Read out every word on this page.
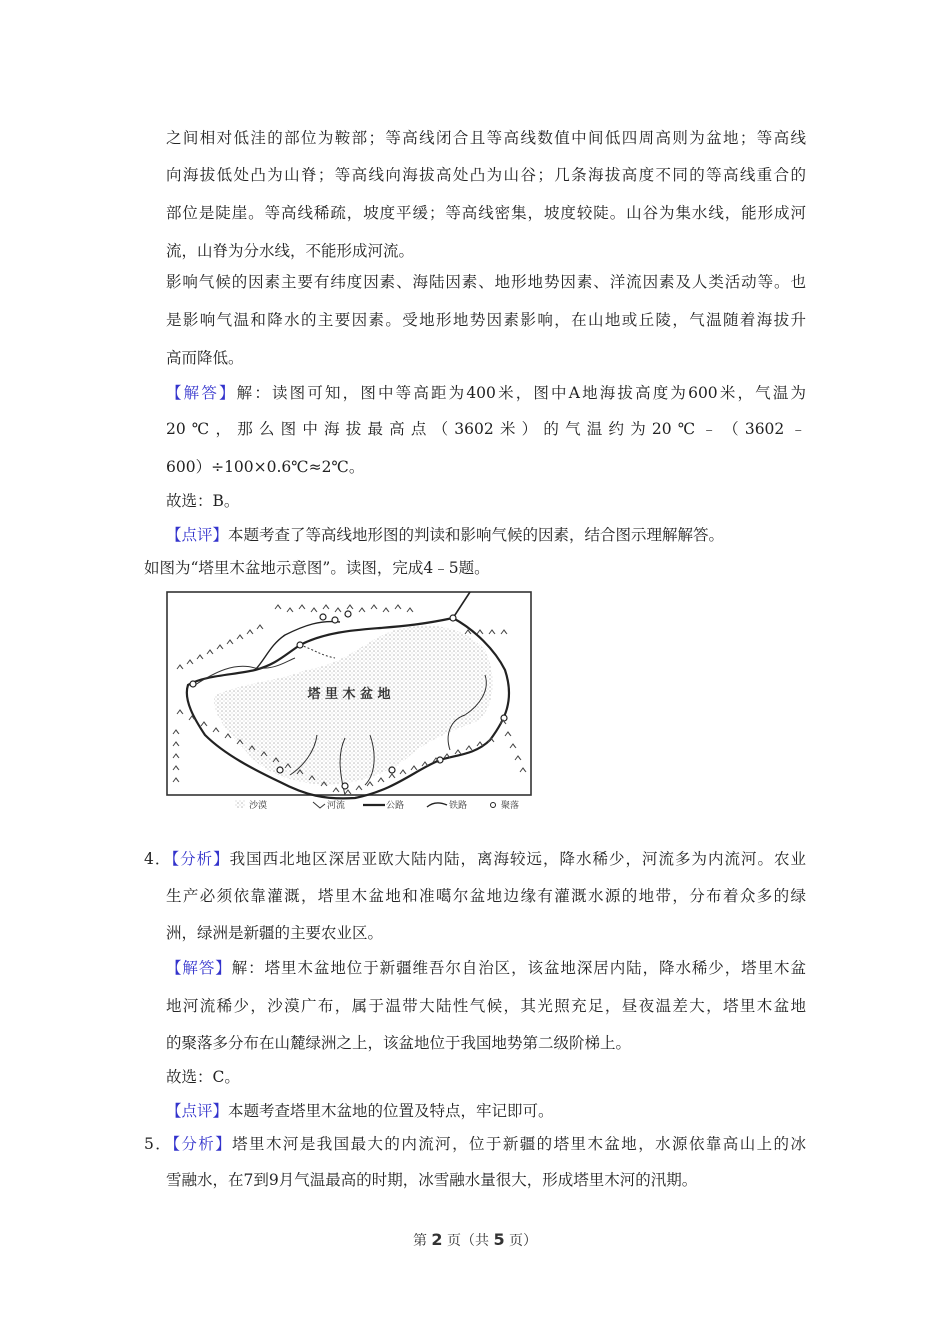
之间相对低洼的部位为鞍部；等高线闭合且等高线数值中间低四周高则为盆地；等高线
向海拔低处凸为山脊；等高线向海拔高处凸为山谷；几条海拔高度不同的等高线重合的
部位是陡崖。等高线稀疏，坡度平缓；等高线密集，坡度较陡。山谷为集水线，能形成河
流，山脊为分水线，不能形成河流。
影响气候的因素主要有纬度因素、海陆因素、地形地势因素、洋流因素及人类活动等。也
是影响气温和降水的主要因素。受地形地势因素影响，在山地或丘陵，气温随着海拔升
高而降低。
【解答】解：读图可知，图中等高距为400米，图中A地海拔高度为600米，气温为
20℃，那么图中海拔最高点（3602米）的气温约为20℃﹣（3602﹣
600）÷100×0.6℃≈2℃。
故选：B。
【点评】本题考查了等高线地形图的判读和影响气候的因素，结合图示理解解答。
如图为“塔里木盆地示意图”。读图，完成4﹣5题。
塔 里 木 盆 地
沙漠	河流	公路	铁路	聚落
4．【分析】我国西北地区深居亚欧大陆内陆，离海较远，降水稀少，河流多为内流河。农业
生产必须依靠灌溉，塔里木盆地和准噶尔盆地边缘有灌溉水源的地带，分布着众多的绿
洲，绿洲是新疆的主要农业区。
【解答】解：塔里木盆地位于新疆维吾尔自治区，该盆地深居内陆，降水稀少，塔里木盆
地河流稀少，沙漠广布，属于温带大陆性气候，其光照充足，昼夜温差大，塔里木盆地
的聚落多分布在山麓绿洲之上，该盆地位于我国地势第二级阶梯上。
故选：C。
【点评】本题考查塔里木盆地的位置及特点，牢记即可。
5．【分析】塔里木河是我国最大的内流河，位于新疆的塔里木盆地，水源依靠高山上的冰
雪融水，在7到9月气温最高的时期，冰雪融水量很大，形成塔里木河的汛期。
第 2 页（共 5 页）
